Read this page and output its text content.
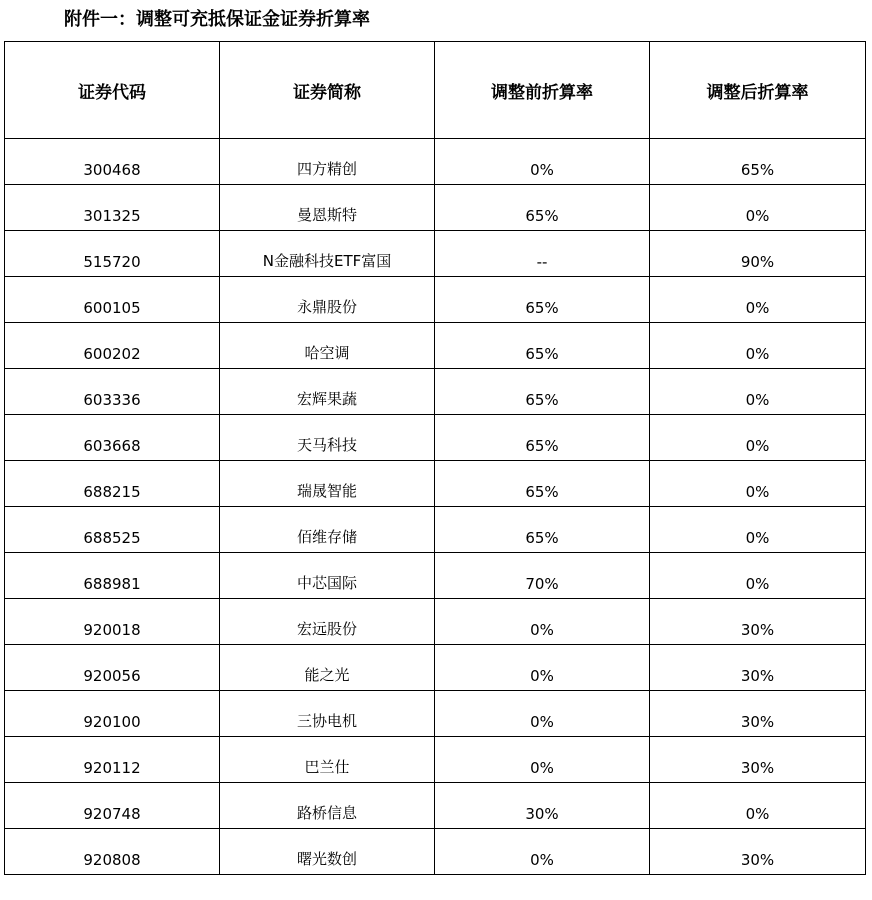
附件一：调整可充抵保证金证券折算率
证券代码	证券简称	调整前折算率	调整后折算率
300468	四方精创	0%	65%
301325	曼恩斯特	65%	0%
515720	N金融科技ETF富国	--	90%
600105	永鼎股份	65%	0%
600202	哈空调	65%	0%
603336	宏辉果蔬	65%	0%
603668	天马科技	65%	0%
688215	瑞晟智能	65%	0%
688525	佰维存储	65%	0%
688981	中芯国际	70%	0%
920018	宏远股份	0%	30%
920056	能之光	0%	30%
920100	三协电机	0%	30%
920112	巴兰仕	0%	30%
920748	路桥信息	30%	0%
920808	曙光数创	0%	30%
